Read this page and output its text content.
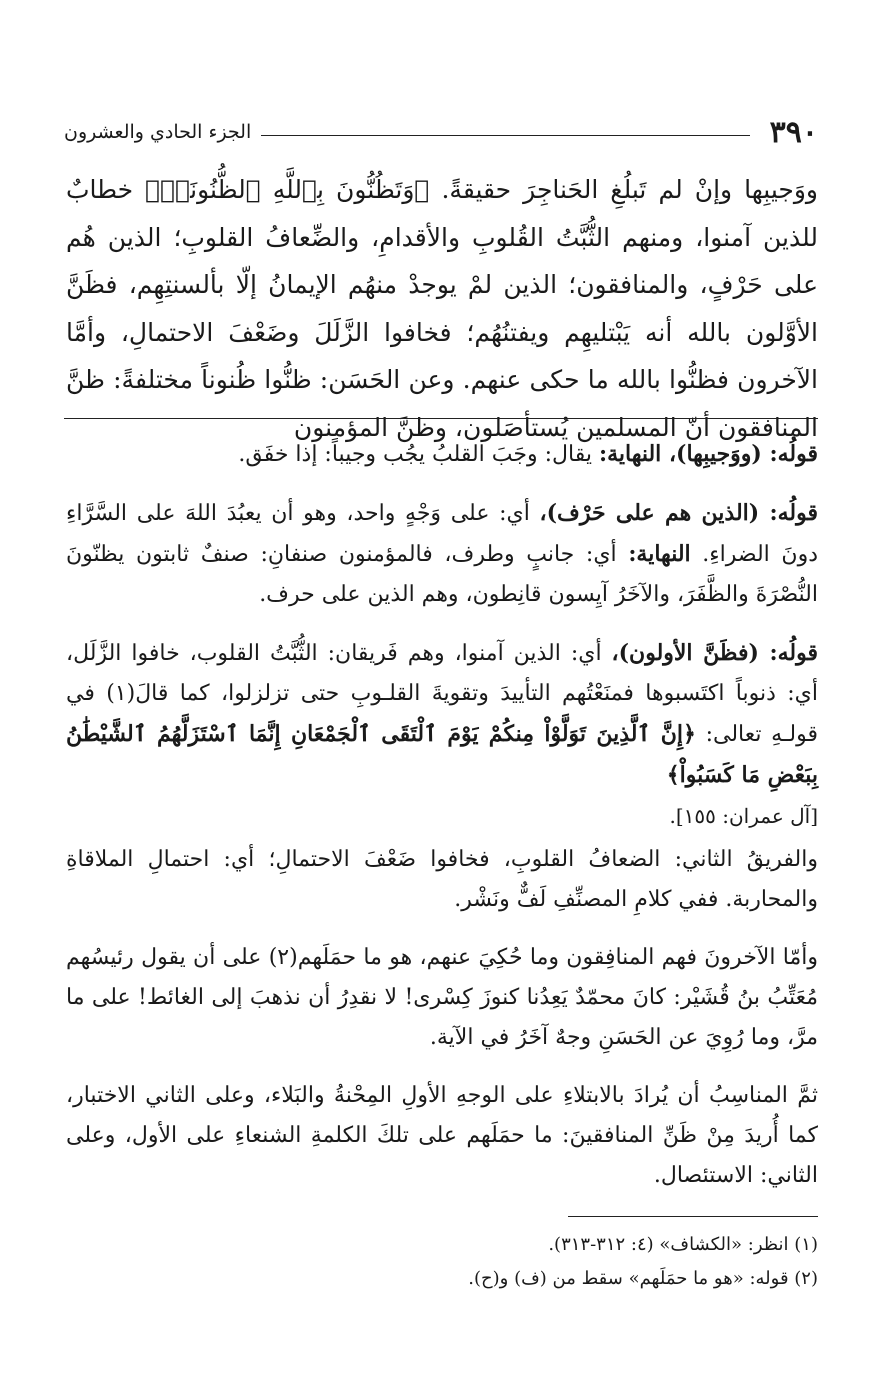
٣٩٠
الجزء الحادي والعشرون

ووَجيبِها وإنْ لم تَبلُغِ الحَناجِرَ حقيقةً. ﴿وَتَظُنُّونَ بِٱللَّهِ ٱلظُّنُونَا۠﴾ خطابٌ للذين آمنوا، ومنهم الثُّبَّتُ القُلوبِ والأقدامِ، والضِّعافُ القلوبِ؛ الذين هُم على حَرْفٍ، والمنافقون؛ الذين لمْ يوجدْ منهُم الإيمانُ إلّا بألسنتِهِم، فظَنَّ الأوَّلون بالله أنه يَبْتليهِم ويفتنُهُم؛ فخافوا الزَّلَلَ وضَعْفَ الاحتمالِ، وأمَّا الآخرون فظنُّوا بالله ما حكى عنهم. وعن الحَسَن: ظنُّوا ظُنوناً مختلفةً: ظنَّ المنافقون أنّ المسلمين يُستأصَلون، وظنَّ المؤمنون

قولُه: (ووَجيبِها)، النهاية: يقال: وجَبَ القلبُ يجُب وجيباً: إذا خفَق.

قولُه: (الذين هم على حَرْف)، أي: على وَجْهٍ واحد، وهو أن يعبُدَ اللهَ على السَّرَّاءِ دونَ الضراءِ. النهاية: أي: جانبٍ وطرف، فالمؤمنون صنفانِ: صنفٌ ثابتون يظنّونَ النُّصْرَةَ والظَّفَرَ، والآخَرُ آيِسون قانِطون، وهم الذين على حرف.

قولُه: (فظَنَّ الأولون)، أي: الذين آمنوا، وهم فَريقان: الثُّبَّتُ القلوب، خافوا الزَّلَل، أي: ذنوباً اكتَسبوها فمنَعْتُهم التأييدَ وتقويةَ القلـوبِ حتى تزلزلوا، كما قالَ(١) في قولـهِ تعالى: ﴿إِنَّ ٱلَّذِينَ تَوَلَّوْاْ مِنكُمْ يَوْمَ ٱلْتَقَى ٱلْجَمْعَانِ إِنَّمَا ٱسْتَزَلَّهُمُ ٱلشَّيْطَٰنُ بِبَعْضِ مَا كَسَبُواْ﴾
[آل عمران: ١٥٥].

والفريقُ الثاني: الضعافُ القلوبِ، فخافوا ضَعْفَ الاحتمالِ؛ أي: احتمالِ الملاقاةِ والمحاربة. ففي كلامِ المصنِّفِ لَفٌّ ونَشْر.

وأمّا الآخرونَ فهم المنافِقون وما حُكِيَ عنهم، هو ما حمَلَهم(٢) على أن يقول رئيسُهم مُعَتِّبُ بنُ قُشَيْر: كانَ محمّدٌ يَعِدُنا كنوزَ كِسْرى! لا نقدِرُ أن نذهبَ إلى الغائط! على ما مرَّ، وما رُوِيَ عن الحَسَنِ وجهٌ آخَرُ في الآية.

ثمَّ المناسِبُ أن يُرادَ بالابتلاءِ على الوجهِ الأولِ المِحْنةُ والبَلاء، وعلى الثاني الاختبار، كما أُريدَ مِنْ ظَنِّ المنافقينَ: ما حمَلَهم على تلكَ الكلمةِ الشنعاءِ على الأول، وعلى الثاني: الاستئصال.

(١) انظر: «الكشاف» (٤: ٣١٢-٣١٣).
(٢) قوله: «هو ما حمَلَهم» سقط من (ف) و(ح).
